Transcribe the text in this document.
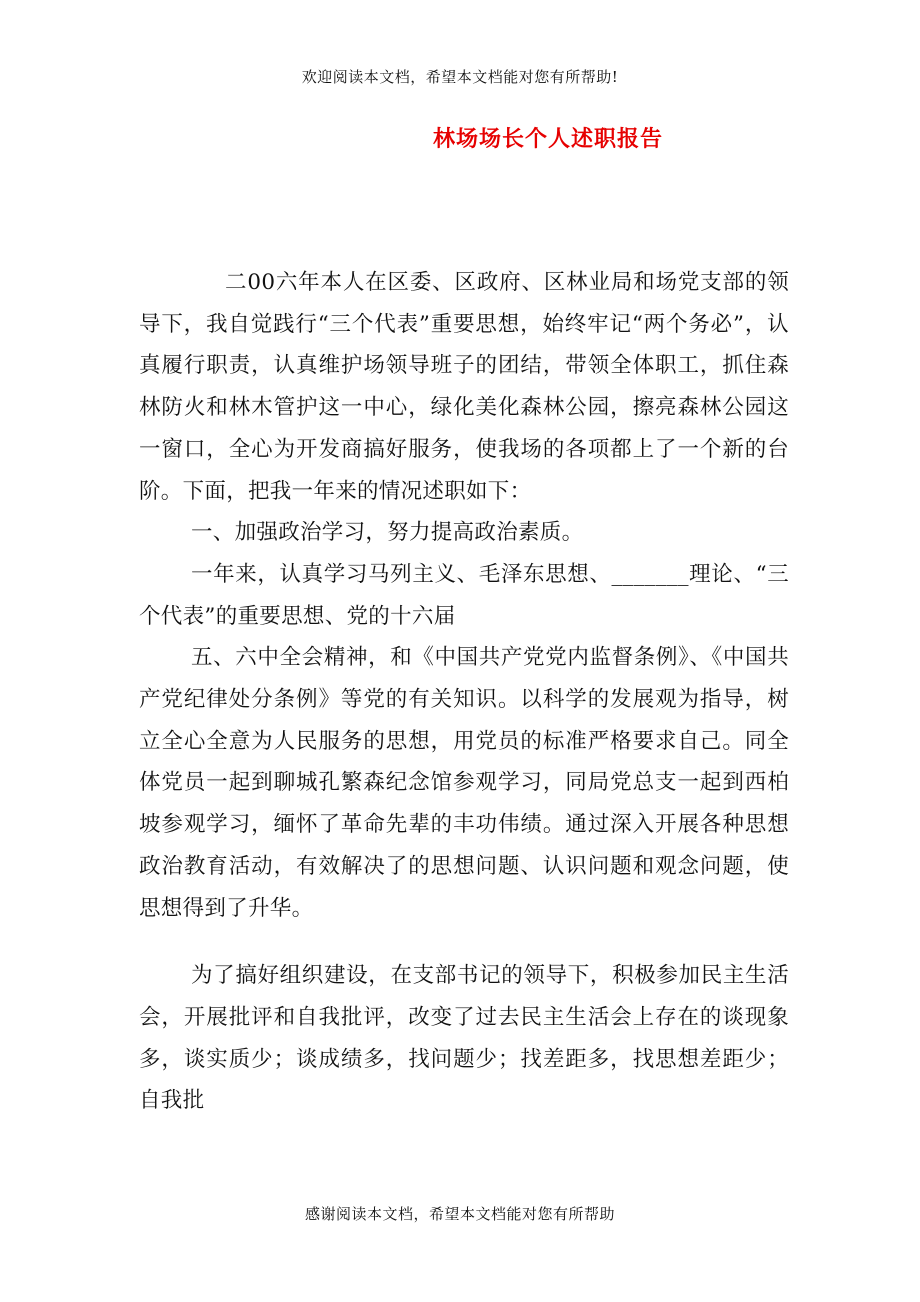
欢迎阅读本文档，希望本文档能对您有所帮助!
林场场长个人述职报告

二00六年本人在区委、区政府、区林业局和场党支部的领导下，我自觉践行“三个代表”重要思想，始终牢记“两个务必”，认真履行职责，认真维护场领导班子的团结，带领全体职工，抓住森林防火和林木管护这一中心，绿化美化森林公园，擦亮森林公园这一窗口，全心为开发商搞好服务，使我场的各项都上了一个新的台阶。下面，把我一年来的情况述职如下：

一、加强政治学习，努力提高政治素质。

一年来，认真学习马列主义、毛泽东思想、_______理论、“三个代表”的重要思想、党的十六届

五、六中全会精神，和《中国共产党党内监督条例》、《中国共产党纪律处分条例》等党的有关知识。以科学的发展观为指导，树立全心全意为人民服务的思想，用党员的标准严格要求自己。同全体党员一起到聊城孔繁森纪念馆参观学习，同局党总支一起到西柏坡参观学习，缅怀了革命先辈的丰功伟绩。通过深入开展各种思想政治教育活动，有效解决了的思想问题、认识问题和观念问题，使思想得到了升华。

为了搞好组织建设，在支部书记的领导下，积极参加民主生活会，开展批评和自我批评，改变了过去民主生活会上存在的谈现象多，谈实质少；谈成绩多，找问题少；找差距多，找思想差距少；自我批

感谢阅读本文档，希望本文档能对您有所帮助
